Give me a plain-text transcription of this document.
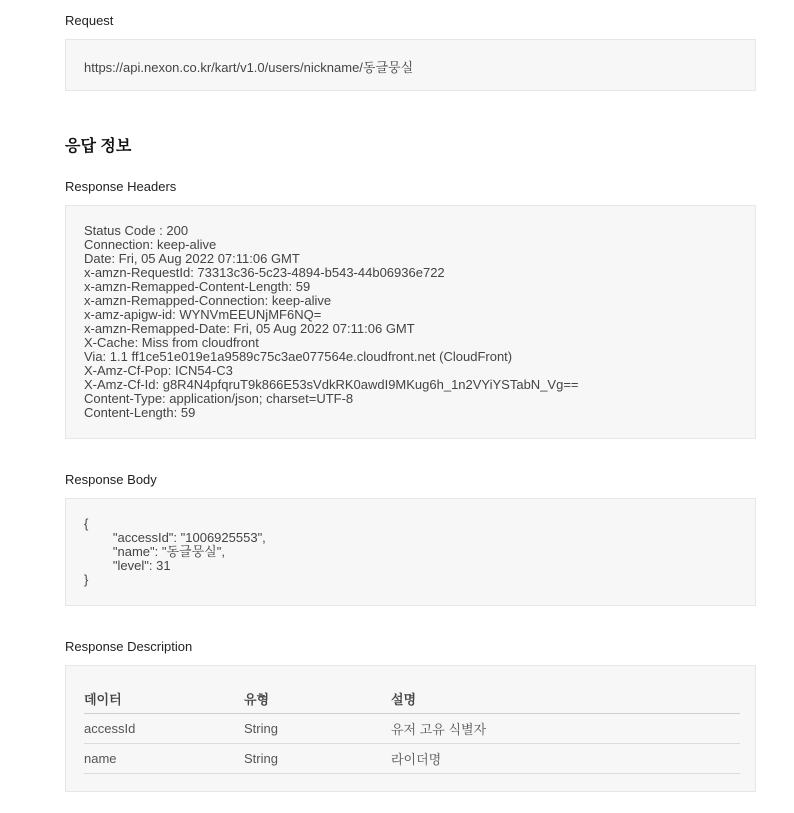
Request
https://api.nexon.co.kr/kart/v1.0/users/nickname/동글뭉실
응답 정보
Response Headers
Status Code : 200
Connection: keep-alive
Date: Fri, 05 Aug 2022 07:11:06 GMT
x-amzn-RequestId: 73313c36-5c23-4894-b543-44b06936e722
x-amzn-Remapped-Content-Length: 59
x-amzn-Remapped-Connection: keep-alive
x-amz-apigw-id: WYNVmEEUNjMF6NQ=
x-amzn-Remapped-Date: Fri, 05 Aug 2022 07:11:06 GMT
X-Cache: Miss from cloudfront
Via: 1.1 ff1ce51e019e1a9589c75c3ae077564e.cloudfront.net (CloudFront)
X-Amz-Cf-Pop: ICN54-C3
X-Amz-Cf-Id: g8R4N4pfqruT9k866E53sVdkRK0awdI9MKug6h_1n2VYiYSTabN_Vg==
Content-Type: application/json; charset=UTF-8
Content-Length: 59
Response Body
{
"accessId": "1006925553",
"name": "동글뭉실",
"level": 31
}
Response Description
데이터	유형	설명
accessId	String	유저 고유 식별자
name	String	라이더명
